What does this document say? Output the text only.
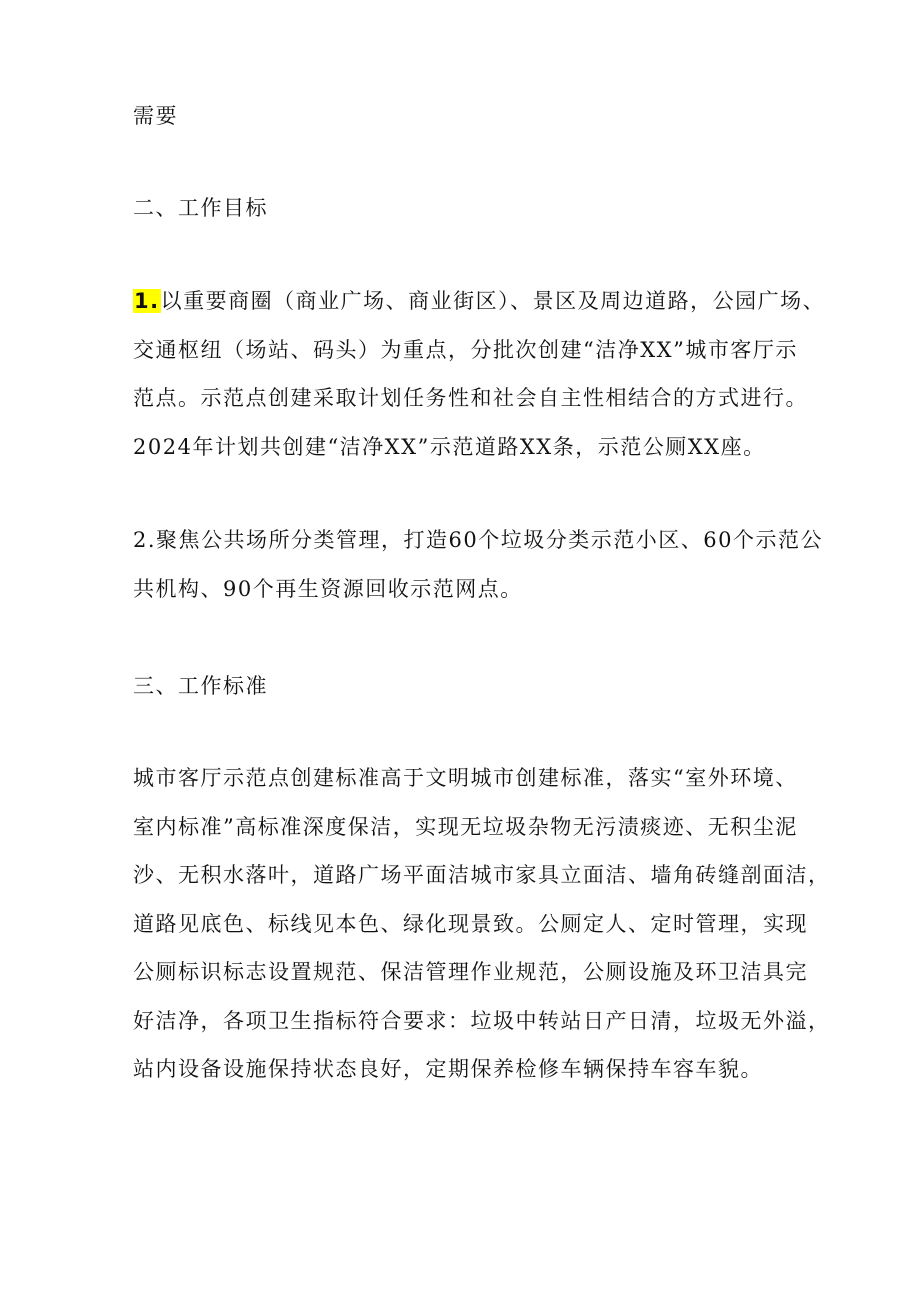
需要
二、工作目标
1.以重要商圈（商业广场、商业街区）、景区及周边道路，公园广场、
交通枢纽（场站、码头）为重点，分批次创建“洁净XX”城市客厅示
范点。示范点创建采取计划任务性和社会自主性相结合的方式进行。
2024年计划共创建“洁净XX”示范道路XX条，示范公厕XX座。
2.聚焦公共场所分类管理，打造60个垃圾分类示范小区、60个示范公
共机构、90个再生资源回收示范网点。
三、工作标准
城市客厅示范点创建标准高于文明城市创建标准，落实“室外环境、
室内标准”高标准深度保洁，实现无垃圾杂物无污渍痰迹、无积尘泥
沙、无积水落叶，道路广场平面洁城市家具立面洁、墙角砖缝剖面洁，
道路见底色、标线见本色、绿化现景致。公厕定人、定时管理，实现
公厕标识标志设置规范、保洁管理作业规范，公厕设施及环卫洁具完
好洁净，各项卫生指标符合要求：垃圾中转站日产日清，垃圾无外溢，
站内设备设施保持状态良好，定期保养检修车辆保持车容车貌。
